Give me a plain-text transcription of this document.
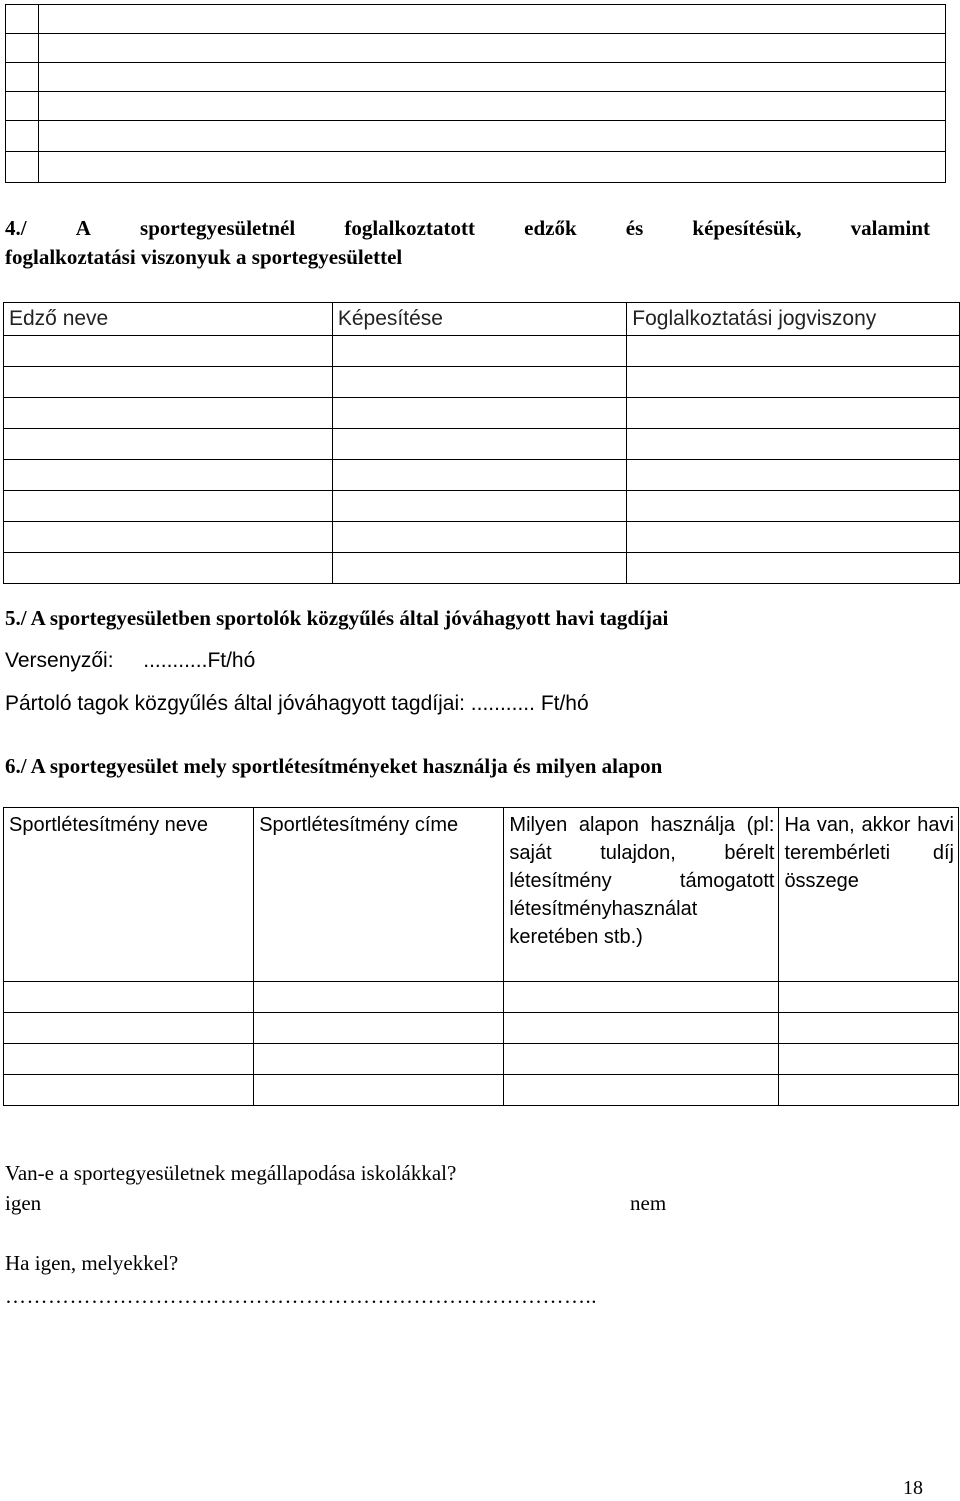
4./ A sportegyesületnél foglalkoztatott edzők és képesítésük, valamint
foglalkoztatási viszonyuk a sportegyesülettel
Edző neve	Képesítése	Foglalkoztatási jogviszony

5./ A sportegyesületben sportolók közgyűlés által jóváhagyott havi tagdíjai
Versenyzői: ...........Ft/hó
Pártoló tagok közgyűlés által jóváhagyott tagdíjai: ........... Ft/hó
6./ A sportegyesület mely sportlétesítményeket használja és milyen alapon
Sportlétesítmény neve	Sportlétesítmény címe	Milyen alapon használja (pl: saját tulajdon, bérelt létesítmény támogatott létesítményhasználat keretében stb.)	Ha van, akkor havi terembérleti díj összege

Van-e a sportegyesületnek megállapodása iskolákkal?
igen	nem
Ha igen, melyekkel?
………………………………………………………………………..
18
